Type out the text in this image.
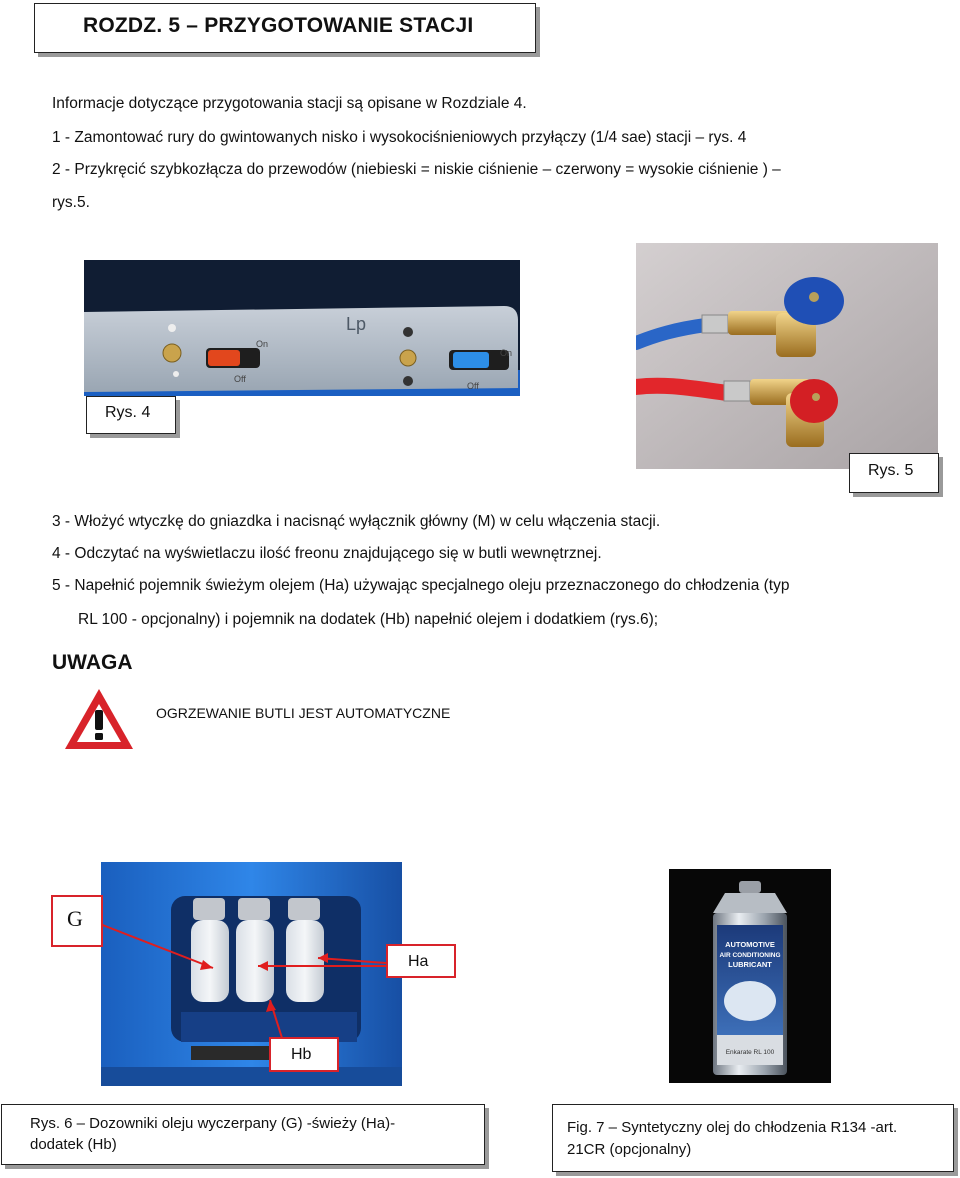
ROZDZ. 5 – PRZYGOTOWANIE STACJI
Informacje dotyczące przygotowania stacji są opisane w Rozdziale 4.
1 - Zamontować rury do gwintowanych nisko i wysokociśnieniowych przyłączy (1/4 sae) stacji – rys. 4
2 - Przykręcić szybkozłącza do przewodów (niebieski = niskie ciśnienie – czerwony = wysokie ciśnienie ) –
rys.5.
Lp
On
Off
On
Off
Rys. 4
Rys. 5
3 - Włożyć wtyczkę do gniazdka i nacisnąć wyłącznik główny (M) w celu włączenia stacji.
4 - Odczytać na wyświetlaczu ilość freonu znajdującego się w butli wewnętrznej.
5 - Napełnić pojemnik świeżym olejem (Ha) używając specjalnego oleju przeznaczonego do chłodzenia (typ
RL 100 - opcjonalny) i pojemnik na dodatek (Hb) napełnić olejem i dodatkiem (rys.6);
UWAGA
OGRZEWANIE BUTLI JEST AUTOMATYCZNE
G
Ha
Hb
AUTOMOTIVE
AIR CONDITIONING
LUBRICANT
Enkarate RL 100
Rys. 6 – Dozowniki oleju wyczerpany (G) -świeży (Ha)-
dodatek (Hb)
Fig. 7 – Syntetyczny olej do chłodzenia R134 -art.
21CR (opcjonalny)
